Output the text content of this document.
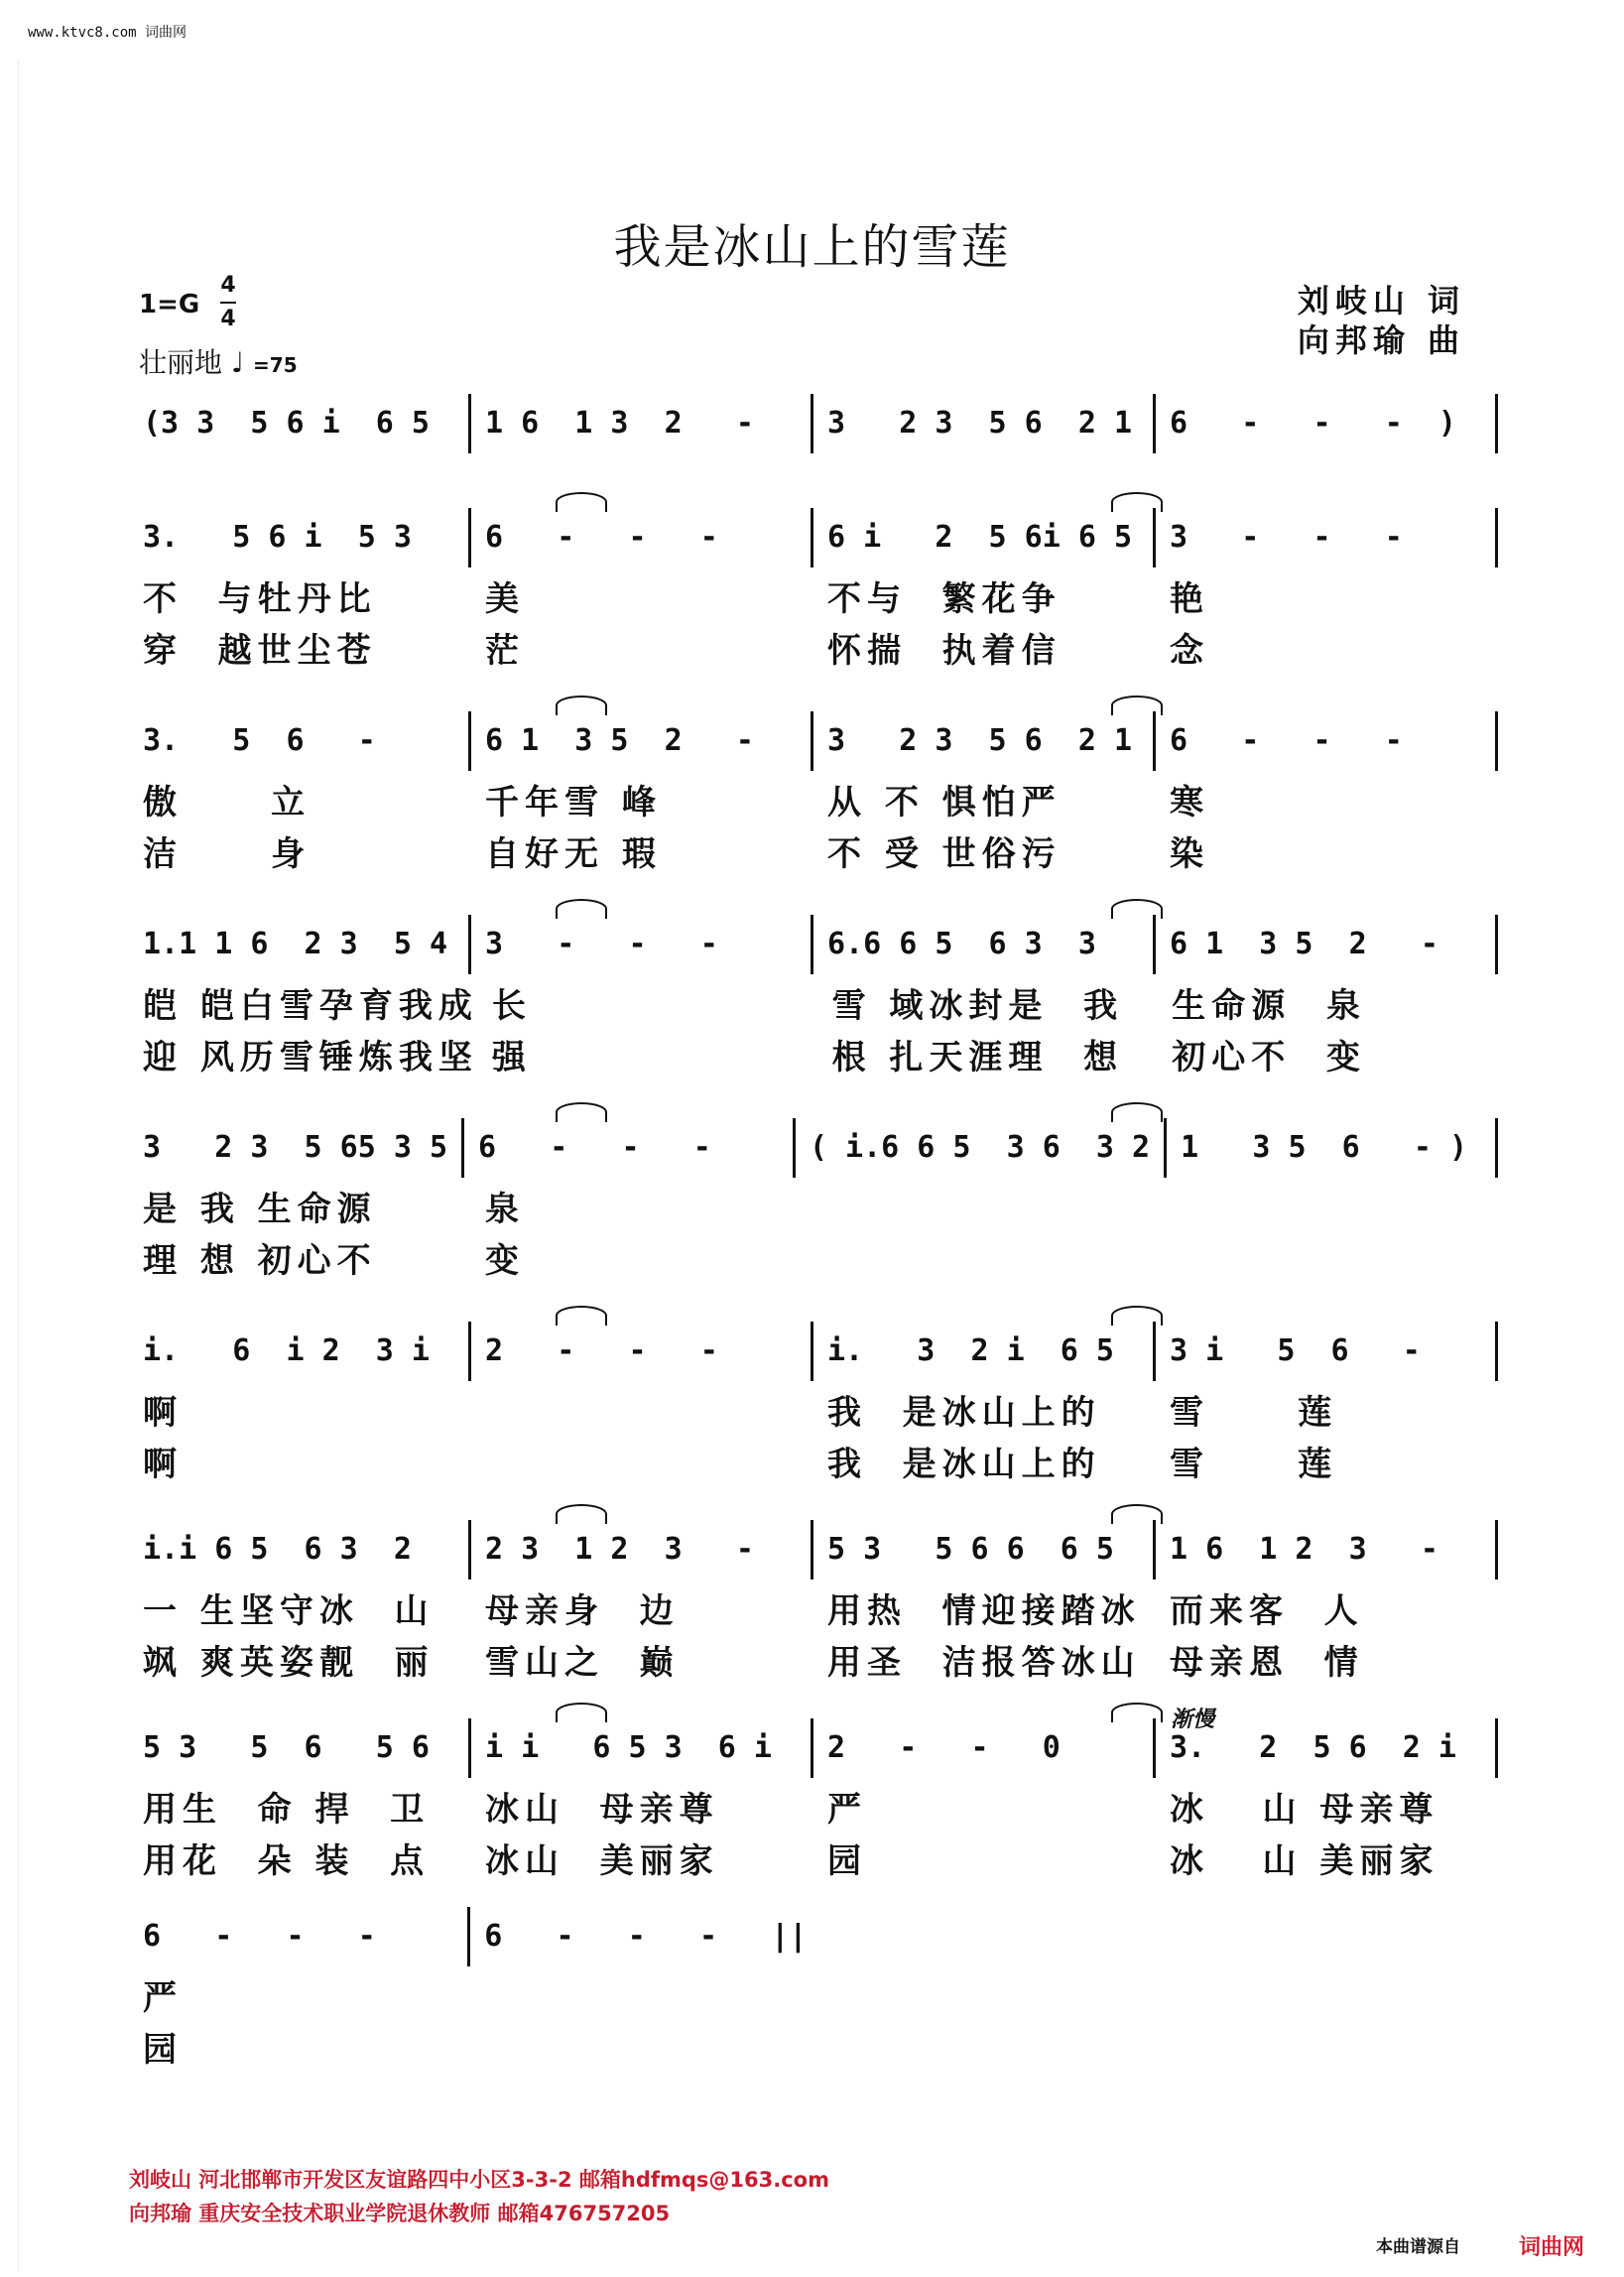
www.ktvc8.com 词曲网
我是冰山上的雪莲
1=G
4
4
壮丽地 ♩ =75
刘岐山 词
向邦瑜 曲
(3 3  5 6 i  6 5	1 6  1 3  2   -	3   2 3  5 6  2 1	6   -   -   -  )
3.   5 6 i  5 3	6   -   -   -	6 i   2  5 6i 6 5	3   -   -   -
不  与牡丹比	美	不与  繁花争	艳
穿  越世尘苍	茫	怀揣  执着信	念
3.   5  6   -	6 1  3 5  2   -	3   2 3  5 6  2 1	6   -   -   -
傲     立	千年雪 峰	从 不 惧怕严	寒
洁     身	自好无 瑕	不 受 世俗污	染
1.1 1 6  2 3  5 4	3   -   -   -	6.6 6 5  6 3  3	6 1  3 5  2   -
皑 皑白雪孕育我成 长	雪 域冰封是  我	生命源  泉
迎 风历雪锤炼我坚 强	根 扎天涯理  想	初心不  变
3   2 3  5 65 3 5	6   -   -   -	( i.6 6 5  3 6  3 2	1   3 5  6   - )
是 我 生命源	泉
理 想 初心不	变
i.   6  i 2  3 i	2   -   -   -	i.   3  2 i  6 5	3 i   5  6   -
啊	我  是冰山上的	雪     莲
啊	我  是冰山上的	雪     莲
i.i 6 5  6 3  2	2 3  1 2  3   -	5 3   5 6 6  6 5	1 6  1 2  3   -
一 生坚守冰  山	母亲身  边	用热  情迎接踏冰 而来客  人
飒 爽英姿靓  丽	雪山之  巅	用圣  洁报答冰山 母亲恩  情
5 3   5  6   5 6	i i   6 5 3  6 i	2   -   -   0	3.   2  5 6  2 i
用生  命 捍  卫	冰山  母亲尊	严	冰   山 母亲尊
用花  朵 装  点	冰山  美丽家	园	冰   山 美丽家
6   -   -   -	6   -   -   -   ||
严
园
渐慢
刘岐山 河北邯郸市开发区友谊路四中小区3-3-2 邮箱hdfmqs@163.com
向邦瑜 重庆安全技术职业学院退休教师 邮箱476757205
本曲谱源自	词曲网
